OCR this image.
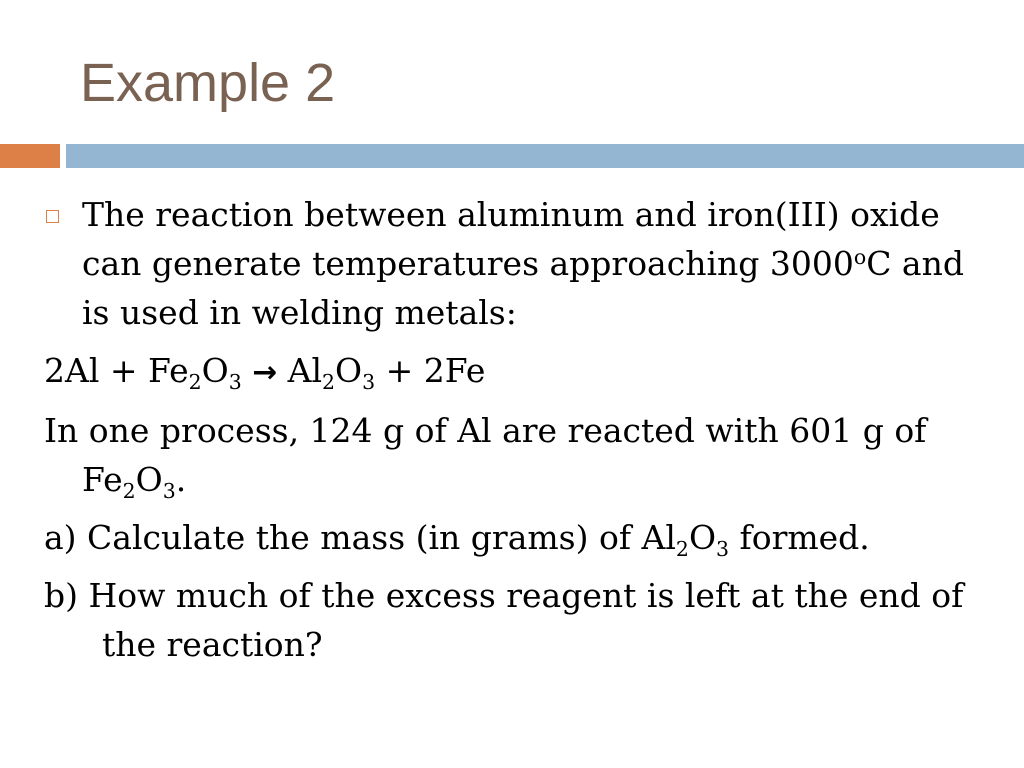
Example 2

The reaction between aluminum and iron(III) oxide can generate temperatures approaching 3000$^o$C and is used in welding metals:

$2Al + Fe_2O_3 \to Al_2O_3 + 2Fe$

In one process, 124 g of Al are reacted with 601 g of $Fe_2O_3$.

a) Calculate the mass (in grams) of $Al_2O_3$ formed.

b) How much of the excess reagent is left at the end of the reaction?
